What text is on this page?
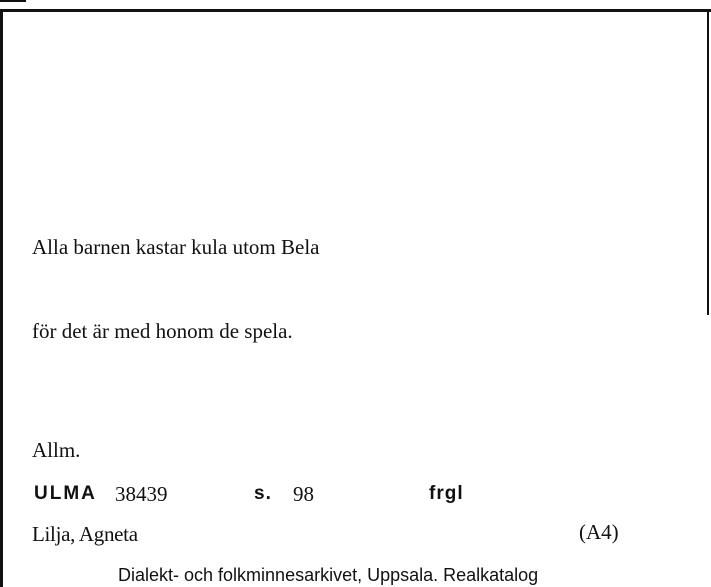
Alla barnen kastar kula utom Bela

för det är med honom de spela.

Allm.
ULMA 38439	s. 98	frgl
Lilja, Agneta	(A4)
Dialekt- och folkminnesarkivet, Uppsala. Realkatalog
